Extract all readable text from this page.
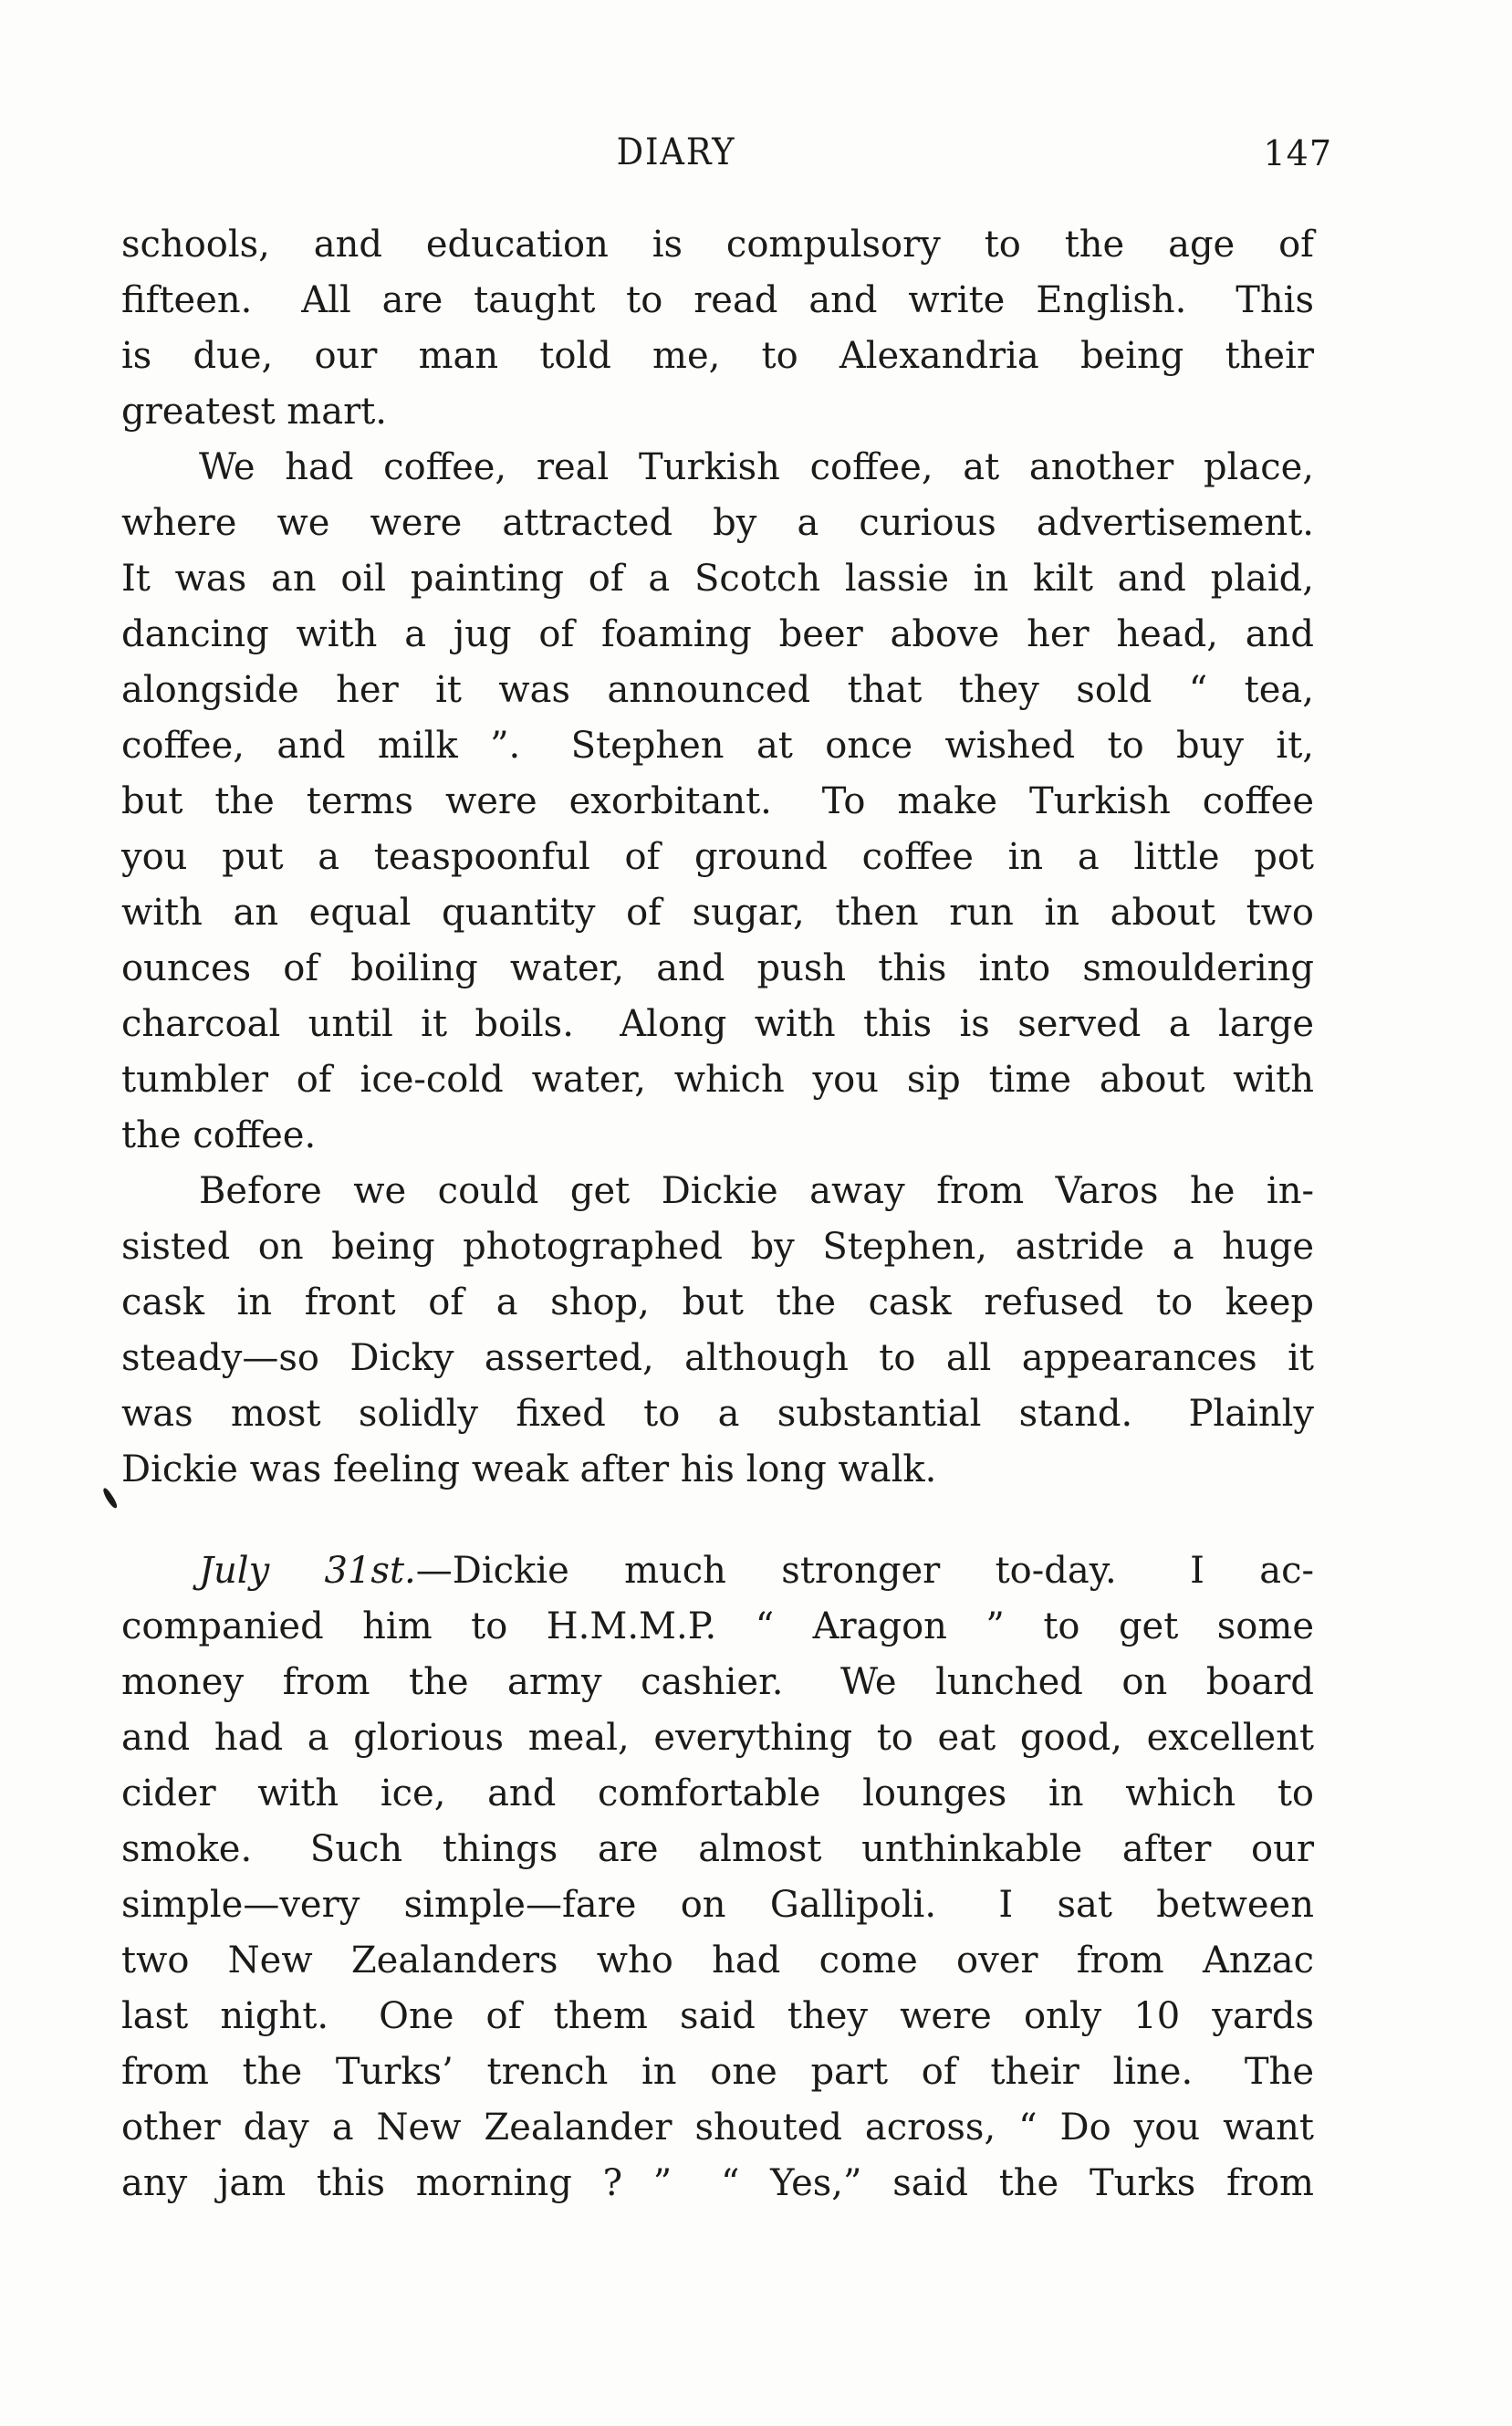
DIARY	147
schools, and education is compulsory to the age of
fifteen.  All are taught to read and write English.  This
is due, our man told me, to Alexandria being their
greatest mart.
We had coffee, real Turkish coffee, at another place,
where we were attracted by a curious advertisement.
It was an oil painting of a Scotch lassie in kilt and plaid,
dancing with a jug of foaming beer above her head, and
alongside her it was announced that they sold “ tea,
coffee, and milk ”.  Stephen at once wished to buy it,
but the terms were exorbitant.  To make Turkish coffee
you put a teaspoonful of ground coffee in a little pot
with an equal quantity of sugar, then run in about two
ounces of boiling water, and push this into smouldering
charcoal until it boils.  Along with this is served a large
tumbler of ice-cold water, which you sip time about with
the coffee.
Before we could get Dickie away from Varos he in-
sisted on being photographed by Stephen, astride a huge
cask in front of a shop, but the cask refused to keep
steady—so Dicky asserted, although to all appearances it
was most solidly fixed to a substantial stand.  Plainly
Dickie was feeling weak after his long walk.
July 31st.—Dickie much stronger to-day.  I ac-
companied him to H.M.M.P. “ Aragon ” to get some
money from the army cashier.  We lunched on board
and had a glorious meal, everything to eat good, excellent
cider with ice, and comfortable lounges in which to
smoke.  Such things are almost unthinkable after our
simple—very simple—fare on Gallipoli.  I sat between
two New Zealanders who had come over from Anzac
last night.  One of them said they were only 10 yards
from the Turks’ trench in one part of their line.  The
other day a New Zealander shouted across, “ Do you want
any jam this morning ? ”  “ Yes,” said the Turks from
